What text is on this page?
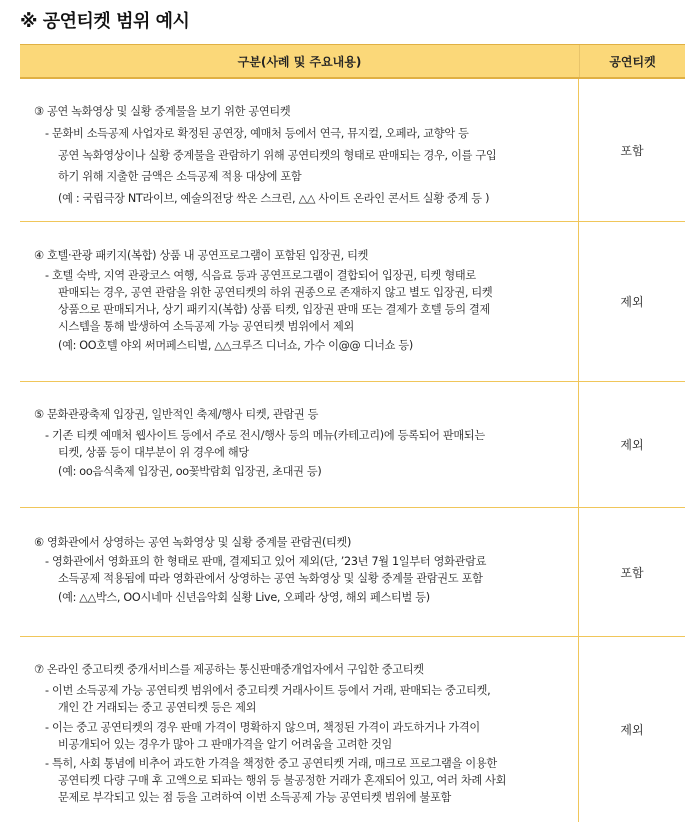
※ 공연티켓 범위 예시
구분(사례 및 주요내용)	공연티켓
③ 공연 녹화영상 및 실황 중계물을 보기 위한 공연티켓
- 문화비 소득공제 사업자로 확정된 공연장, 예매처 등에서 연극, 뮤지컬, 오페라, 교향악 등
공연 녹화영상이나 실황 중계물을 관람하기 위해 공연티켓의 형태로 판매되는 경우, 이를 구입
하기 위해 지출한 금액은 소득공제 적용 대상에 포함
(예 : 국립극장 NT라이브, 예술의전당 싹온 스크린, △△ 사이트 온라인 콘서트 실황 중계 등 )
포함
④ 호텔·관광 패키지(복합) 상품 내 공연프로그램이 포함된 입장권, 티켓
- 호텔 숙박, 지역 관광코스 여행, 식음료 등과 공연프로그램이 결합되어 입장권, 티켓 형태로
판매되는 경우, 공연 관람을 위한 공연티켓의 하위 권종으로 존재하지 않고 별도 입장권, 티켓
상품으로 판매되거나, 상기 패키지(복합) 상품 티켓, 입장권 판매 또는 결제가 호텔 등의 결제
시스템을 통해 발생하여 소득공제 가능 공연티켓 범위에서 제외
(예: OO호텔 야외 써머페스티벌, △△크루즈 디너쇼, 가수 이@@ 디너쇼 등)
제외
⑤ 문화관광축제 입장권, 일반적인 축제/행사 티켓, 관람권 등
- 기존 티켓 예매처 웹사이트 등에서 주로 전시/행사 등의 메뉴(카테고리)에 등록되어 판매되는
티켓, 상품 등이 대부분이 위 경우에 해당
(예: oo음식축제 입장권, oo꽃박람회 입장권, 초대권 등)
제외
⑥ 영화관에서 상영하는 공연 녹화영상 및 실황 중계물 관람권(티켓)
- 영화관에서 영화표의 한 형태로 판매, 결제되고 있어 제외(단, ’23년 7월 1일부터 영화관람료
소득공제 적용됨에 따라 영화관에서 상영하는 공연 녹화영상 및 실황 중계물 관람권도 포함
(예: △△박스, OO시네마 신년음악회 실황 Live, 오페라 상영, 해외 페스티벌 등)
포함
⑦ 온라인 중고티켓 중개서비스를 제공하는 통신판매중개업자에서 구입한 중고티켓
- 이번 소득공제 가능 공연티켓 범위에서 중고티켓 거래사이트 등에서 거래, 판매되는 중고티켓,
개인 간 거래되는 중고 공연티켓 등은 제외
- 이는 중고 공연티켓의 경우 판매 가격이 명확하지 않으며, 책정된 가격이 과도하거나 가격이
비공개되어 있는 경우가 많아 그 판매가격을 알기 어려움을 고려한 것임
- 특히, 사회 통념에 비추어 과도한 가격을 책정한 중고 공연티켓 거래, 매크로 프로그램을 이용한
공연티켓 다량 구매 후 고액으로 되파는 행위 등 불공정한 거래가 혼재되어 있고, 여러 차례 사회
문제로 부각되고 있는 점 등을 고려하여 이번 소득공제 가능 공연티켓 범위에 불포함
제외
